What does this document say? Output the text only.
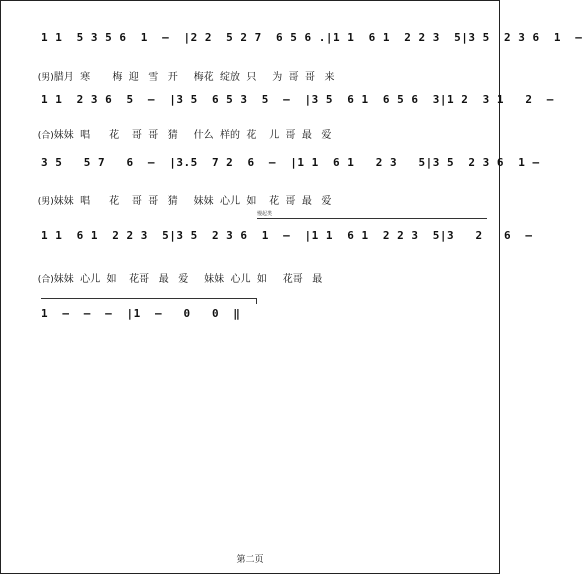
1 1  5 3 5 6  1  –  |2 2  5 2 7  6 5 6 .|1 1  6 1  2 2 3  5|3 5  2 3 6  1  –

(男)腊月  寒       梅  迎   雪   开     梅花  绽放  只     为  哥  哥   来

1 1  2 3 6  5  –  |3 5  6 5 3  5  –  |3 5  6 1  6 5 6  3|1 2  3 1   2  –

(合)妹妹  唱      花    哥  哥   猜     什么  样的  花    儿  哥  最   爱

3 5   5 7   6  –  |3.5  7 2  6  –  |1 1  6 1   2 3   5|3 5  2 3 6  1 –

(男)妹妹  唱      花    哥  哥   猜     妹妹  心儿  如    花  哥  最   爱

慢起类
1 1  6 1  2 2 3  5|3 5  2 3 6  1  –  |1 1  6 1  2 2 3  5|3   2   6  –

(合)妹妹  心儿  如    花哥   最   爱     妹妹  心儿  如     花哥   最

1  –  –  –  |1  –   0   0  ‖
第二页
